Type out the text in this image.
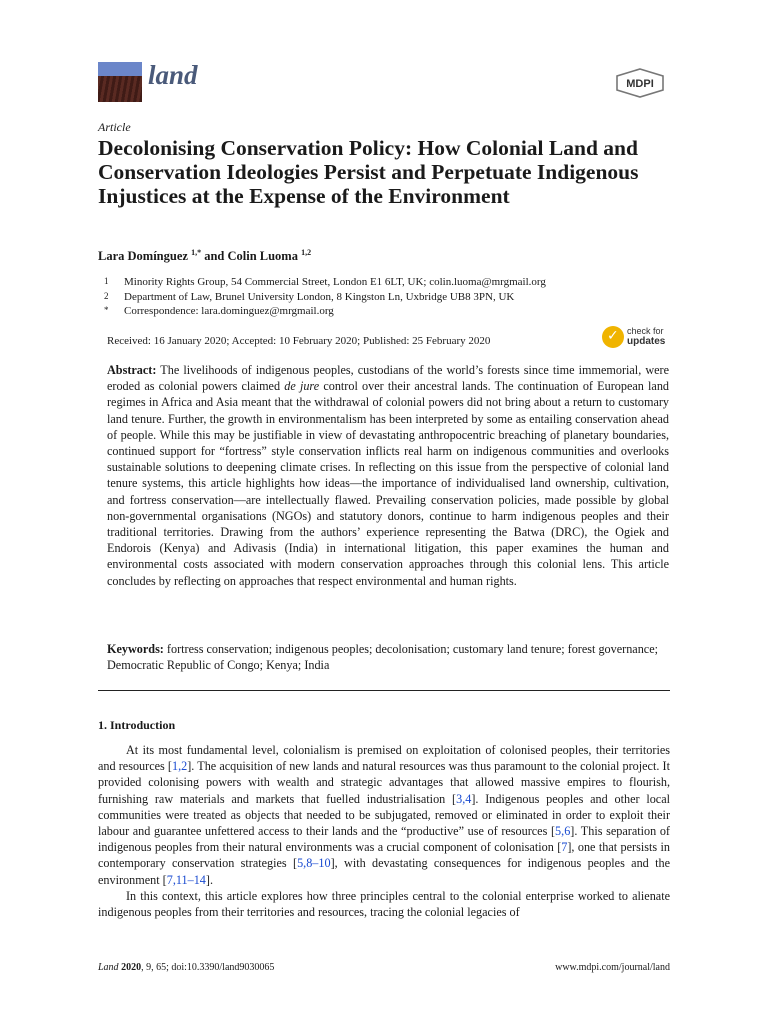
land	MDPI
Article
Decolonising Conservation Policy: How Colonial Land and Conservation Ideologies Persist and Perpetuate Indigenous Injustices at the Expense of the Environment
Lara Domínguez $^{1,*}$ and Colin Luoma $^{1,2}$
1 Minority Rights Group, 54 Commercial Street, London E1 6LT, UK; colin.luoma@mrgmail.org
2 Department of Law, Brunel University London, 8 Kingston Ln, Uxbridge UB8 3PN, UK
* Correspondence: lara.dominguez@mrgmail.org
Received: 16 January 2020; Accepted: 10 February 2020; Published: 25 February 2020	✓ check for
updates

Abstract: The livelihoods of indigenous peoples, custodians of the world’s forests since time immemorial, were eroded as colonial powers claimed de jure control over their ancestral lands. The continuation of European land regimes in Africa and Asia meant that the withdrawal of colonial powers did not bring about a return to customary land tenure. Further, the growth in environmentalism has been interpreted by some as entailing conservation ahead of people. While this may be justifiable in view of devastating anthropocentric breaching of planetary boundaries, continued support for “fortress” style conservation inflicts real harm on indigenous communities and overlooks sustainable solutions to deepening climate crises. In reflecting on this issue from the perspective of colonial land tenure systems, this article highlights how ideas—the importance of individualised land ownership, cultivation, and fortress conservation—are intellectually flawed. Prevailing conservation policies, made possible by global non-governmental organisations (NGOs) and statutory donors, continue to harm indigenous peoples and their traditional territories. Drawing from the authors’ experience representing the Batwa (DRC), the Ogiek and Endorois (Kenya) and Adivasis (India) in international litigation, this paper examines the human and environmental costs associated with modern conservation approaches through this colonial lens. This article concludes by reflecting on approaches that respect environmental and human rights.

Keywords: fortress conservation; indigenous peoples; decolonisation; customary land tenure; forest governance; Democratic Republic of Congo; Kenya; India

1. Introduction

At its most fundamental level, colonialism is premised on exploitation of colonised peoples, their territories and resources [1,2]. The acquisition of new lands and natural resources was thus paramount to the colonial project. It provided colonising powers with wealth and strategic advantages that allowed massive empires to flourish, furnishing raw materials and markets that fuelled industrialisation [3,4]. Indigenous peoples and other local communities were treated as objects that needed to be subjugated, removed or eliminated in order to exploit their labour and guarantee unfettered access to their lands and the “productive” use of resources [5,6]. This separation of indigenous peoples from their natural environments was a crucial component of colonisation [7], one that persists in contemporary conservation strategies [5,8–10], with devastating consequences for indigenous peoples and the environment [7,11–14].

In this context, this article explores how three principles central to the colonial enterprise worked to alienate indigenous peoples from their territories and resources, tracing the colonial legacies of

Land 2020, 9, 65; doi:10.3390/land9030065	www.mdpi.com/journal/land
